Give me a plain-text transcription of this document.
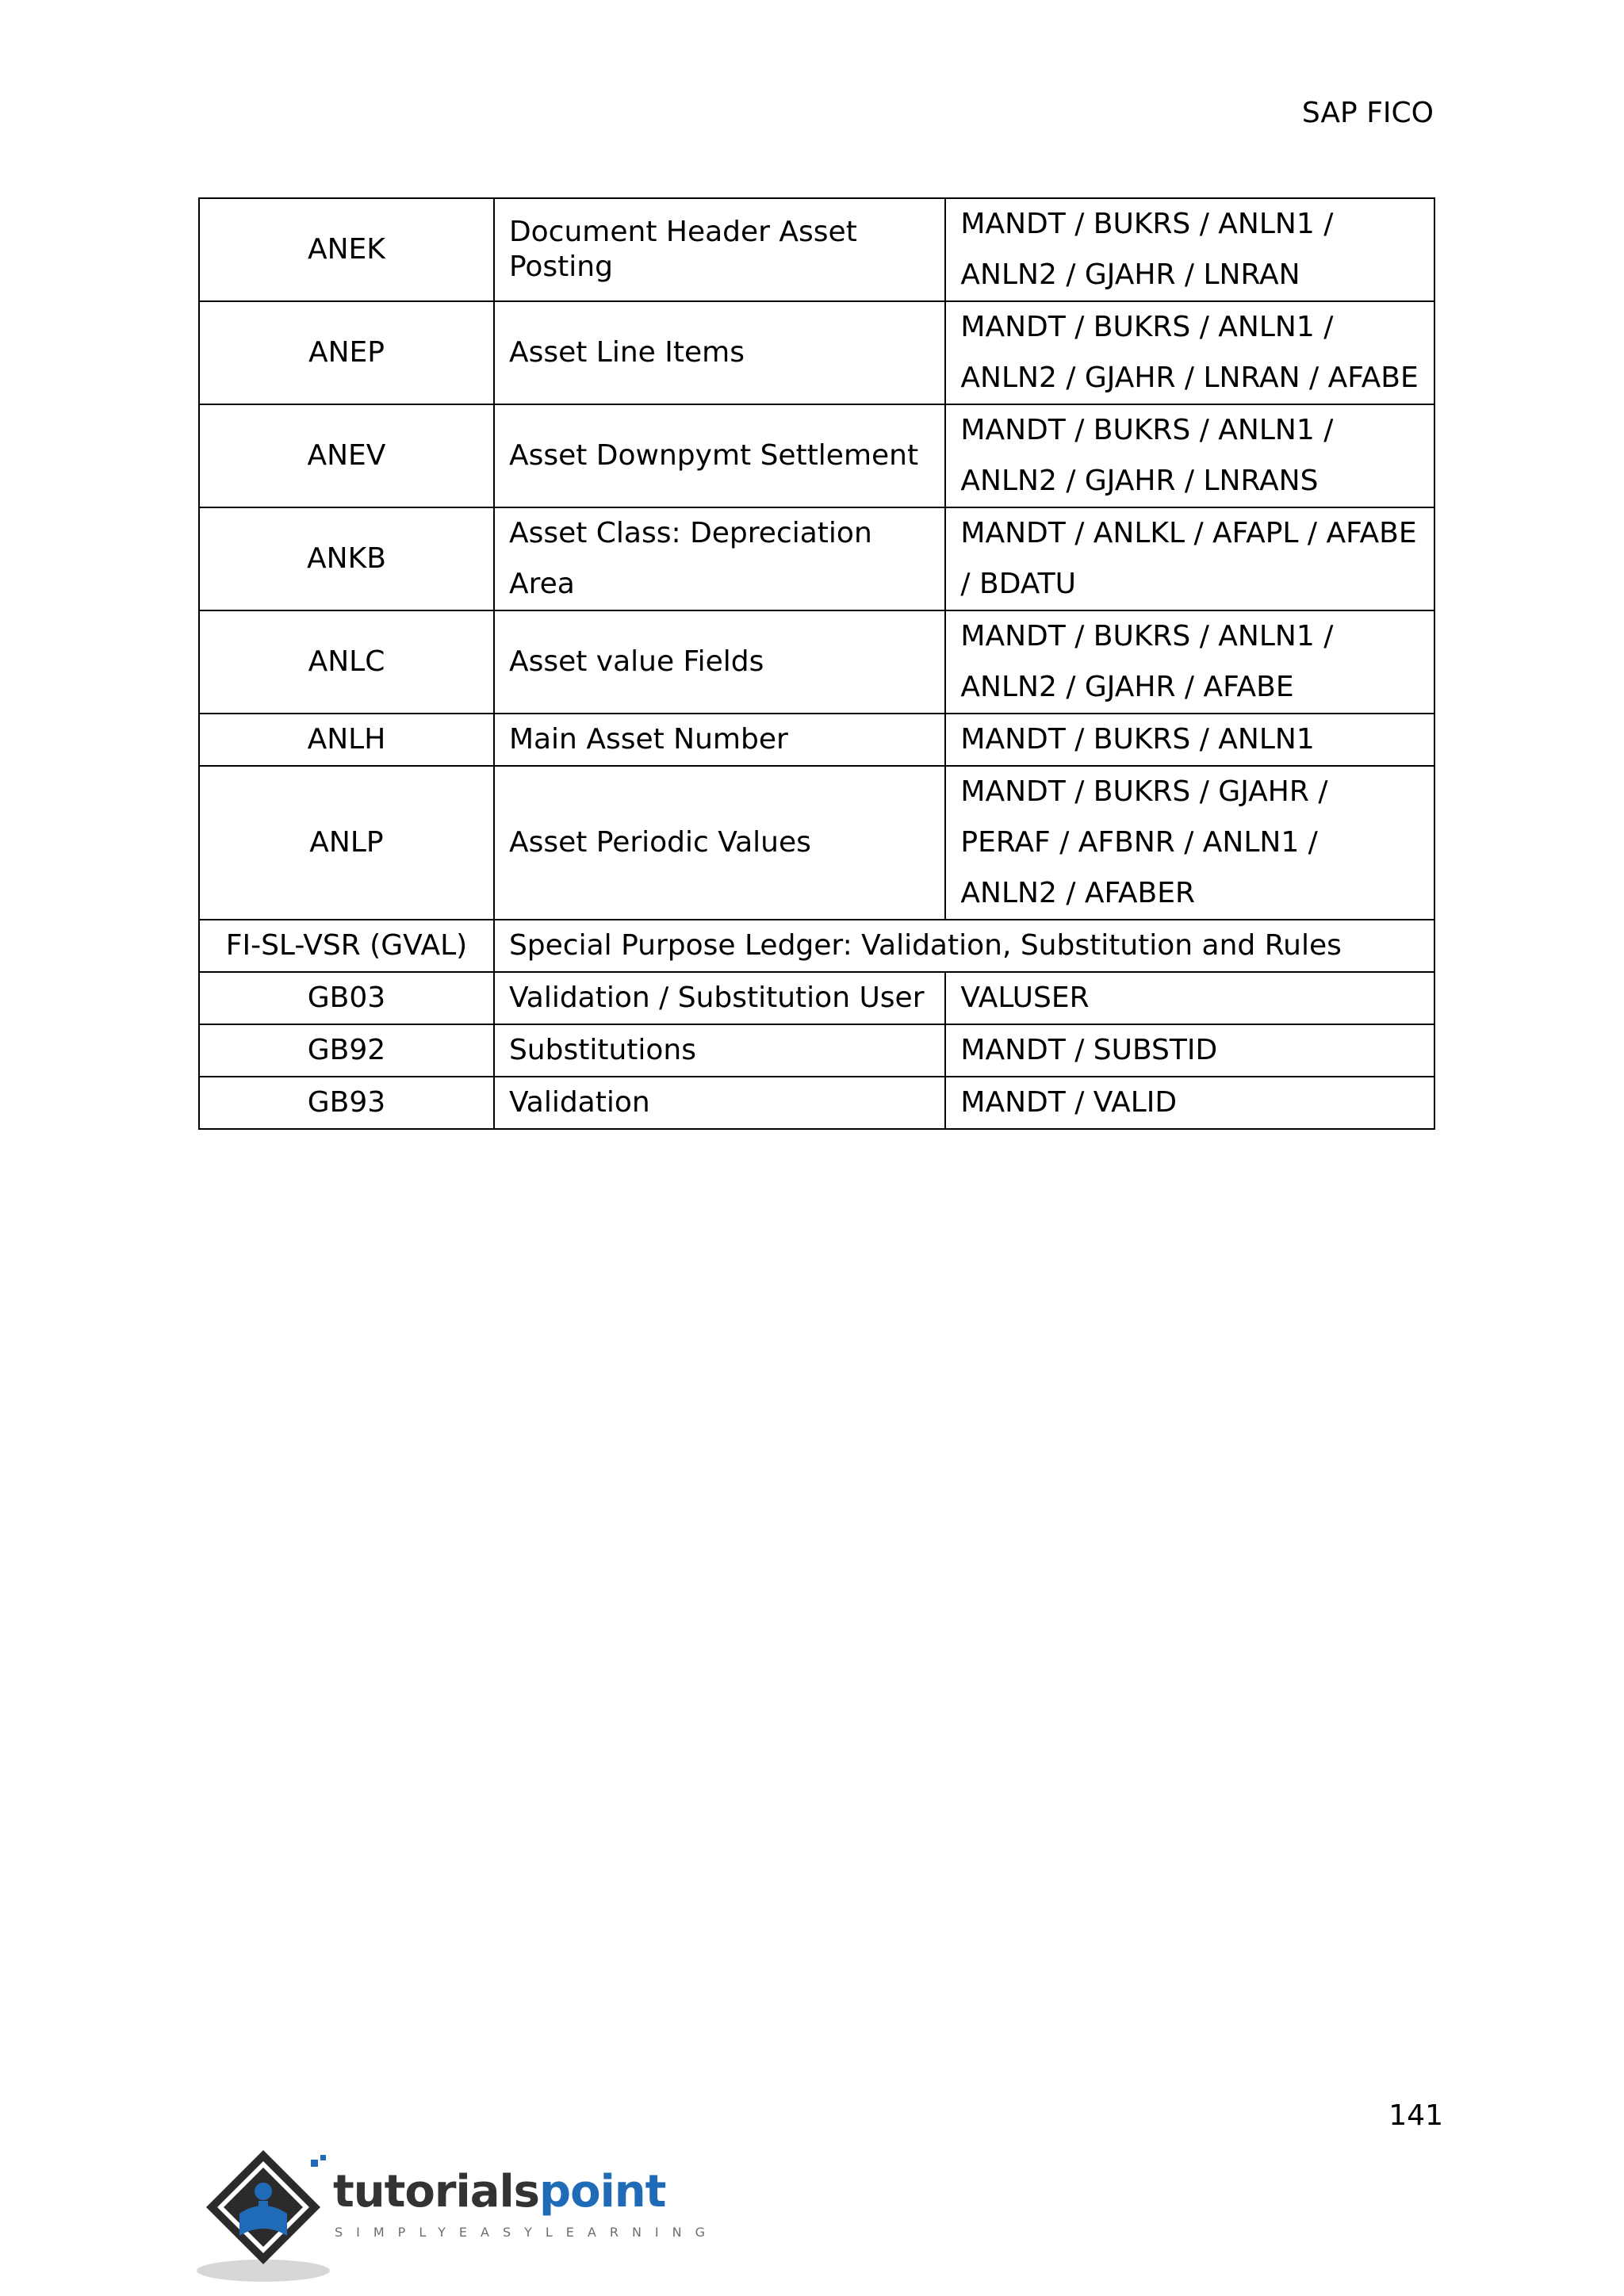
SAP FICO
ANEK	Document Header Asset Posting	MANDT / BUKRS / ANLN1 / ANLN2 / GJAHR / LNRAN
ANEP	Asset Line Items	MANDT / BUKRS / ANLN1 / ANLN2 / GJAHR / LNRAN / AFABE
ANEV	Asset Downpymt Settlement	MANDT / BUKRS / ANLN1 / ANLN2 / GJAHR / LNRANS
ANKB	Asset Class: Depreciation Area	MANDT / ANLKL / AFAPL / AFABE / BDATU
ANLC	Asset value Fields	MANDT / BUKRS / ANLN1 / ANLN2 / GJAHR / AFABE
ANLH	Main Asset Number	MANDT / BUKRS / ANLN1
ANLP	Asset Periodic Values	MANDT / BUKRS / GJAHR / PERAF / AFBNR / ANLN1 / ANLN2 / AFABER
FI-SL-VSR (GVAL)	Special Purpose Ledger: Validation, Substitution and Rules	
GB03	Validation / Substitution User	VALUSER
GB92	Substitutions	MANDT / SUBSTID
GB93	Validation	MANDT / VALID
141
tutorialspoint
SIMPLYEASYLEARNING
